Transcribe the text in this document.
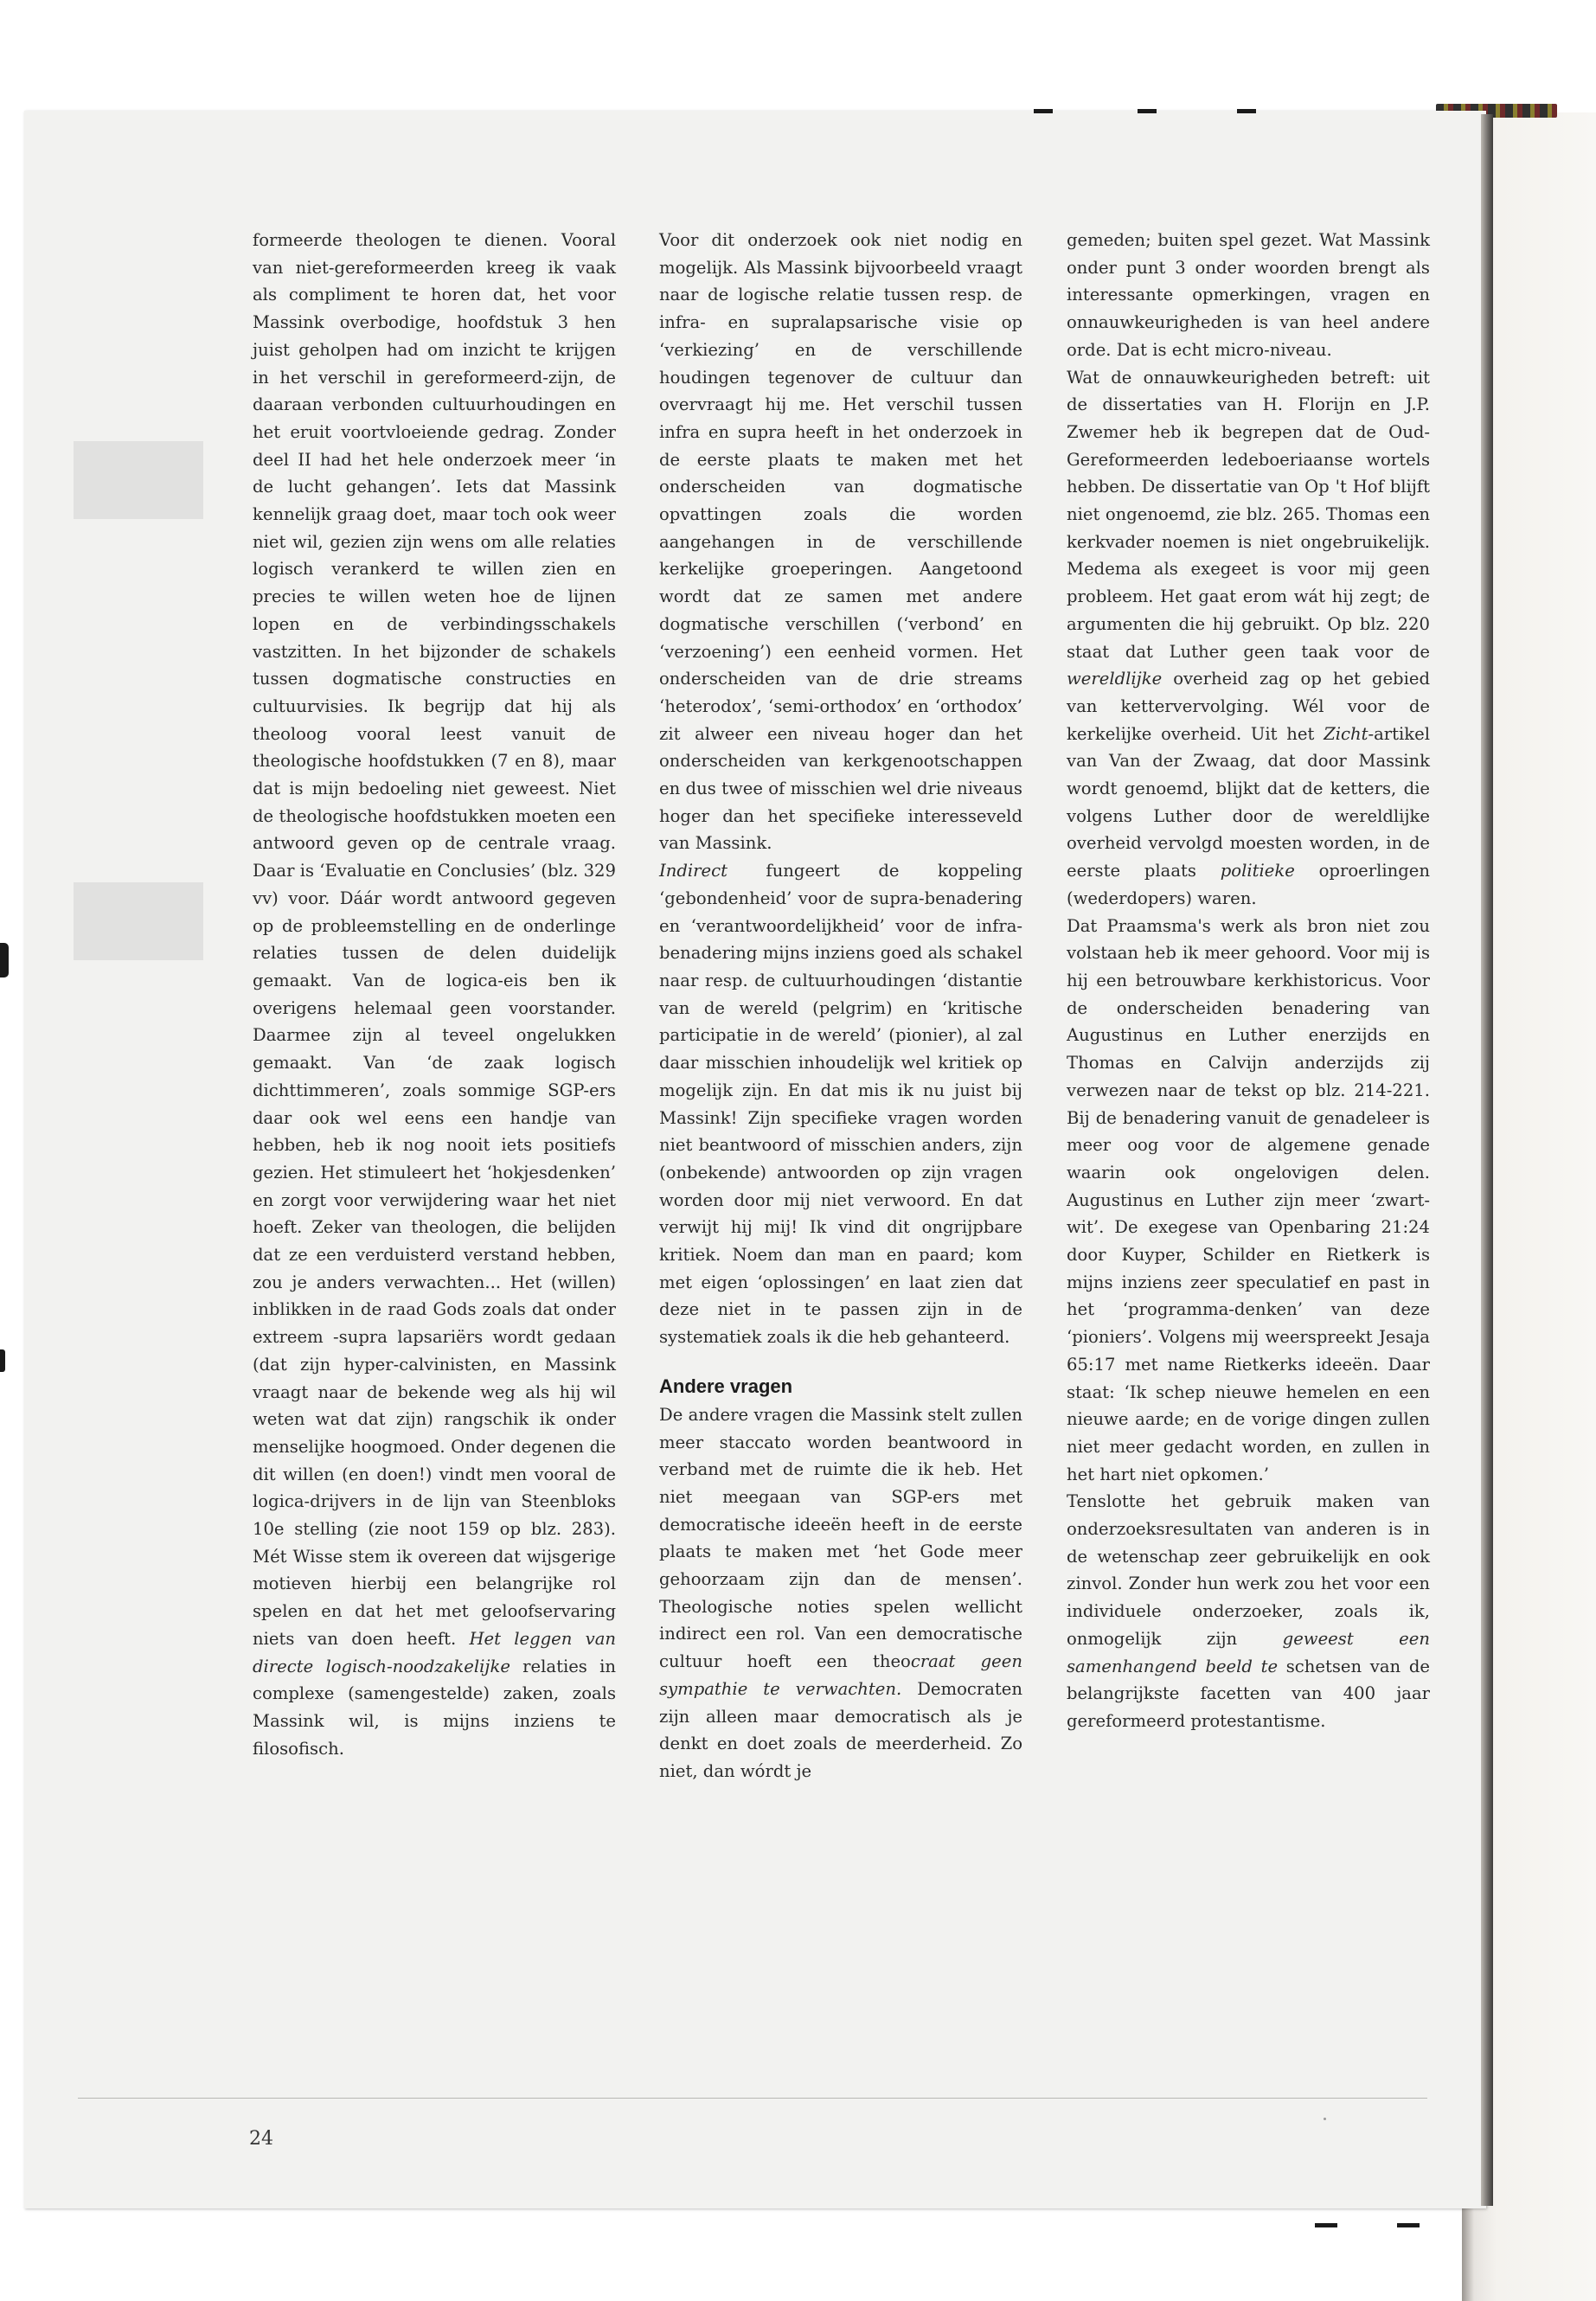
formeerde theologen te dienen. Vooral van niet-gereformeerden kreeg ik vaak als compliment te horen dat, het voor Massink overbodige, hoofdstuk 3 hen juist geholpen had om inzicht te krijgen in het verschil in gereformeerd-zijn, de daaraan verbonden cultuurhoudingen en het eruit voortvloeiende gedrag. Zonder deel II had het hele onderzoek meer ‘in de lucht gehangen’. Iets dat Massink kennelijk graag doet, maar toch ook weer niet wil, gezien zijn wens om alle relaties logisch verankerd te willen zien en precies te willen weten hoe de lijnen lopen en de verbindingsschakels vastzitten. In het bijzonder de schakels tussen dogmatische constructies en cultuurvisies. Ik begrijp dat hij als theoloog vooral leest vanuit de theologische hoofdstukken (7 en 8), maar dat is mijn bedoeling niet geweest. Niet de theologische hoofdstukken moeten een antwoord geven op de centrale vraag. Daar is ‘Evaluatie en Conclusies’ (blz. 329 vv) voor. Dáár wordt antwoord gegeven op de probleemstelling en de onderlinge relaties tussen de delen duidelijk gemaakt. Van de logica-eis ben ik overigens helemaal geen voorstander. Daarmee zijn al teveel ongelukken gemaakt. Van ‘de zaak logisch dichttimmeren’, zoals sommige SGP-ers daar ook wel eens een handje van hebben, heb ik nog nooit iets positiefs gezien. Het stimuleert het ‘hokjesdenken’ en zorgt voor verwijdering waar het niet hoeft. Zeker van theologen, die belijden dat ze een verduisterd verstand hebben, zou je anders verwachten... Het (willen) inblikken in de raad Gods zoals dat onder extreem -supra lapsariërs wordt gedaan (dat zijn hyper-calvinisten, en Massink vraagt naar de bekende weg als hij wil weten wat dat zijn) rangschik ik onder menselijke hoogmoed. Onder degenen die dit willen (en doen!) vindt men vooral de logica-drijvers in de lijn van Steenbloks 10e stelling (zie noot 159 op blz. 283). Mét Wisse stem ik overeen dat wijsgerige motieven hierbij een belangrijke rol spelen en dat het met geloofservaring niets van doen heeft. Het leggen van directe logisch-noodzakelijke relaties in complexe (samengestelde) zaken, zoals Massink wil, is mijns inziens te filosofisch.

Voor dit onderzoek ook niet nodig en mogelijk. Als Massink bijvoorbeeld vraagt naar de logische relatie tussen resp. de infra- en supralapsarische visie op ‘verkiezing’ en de verschillende houdingen tegenover de cultuur dan overvraagt hij me. Het verschil tussen infra en supra heeft in het onderzoek in de eerste plaats te maken met het onderscheiden van dogmatische opvattingen zoals die worden aangehangen in de verschillende kerkelijke groeperingen. Aangetoond wordt dat ze samen met andere dogmatische verschillen (‘verbond’ en ‘verzoening’) een eenheid vormen. Het onderscheiden van de drie streams ‘heterodox’, ‘semi-orthodox’ en ‘orthodox’ zit alweer een niveau hoger dan het onderscheiden van kerkgenootschappen en dus twee of misschien wel drie niveaus hoger dan het specifieke interesseveld van Massink.

Indirect fungeert de koppeling ‘gebondenheid’ voor de supra-benadering en ‘verantwoordelijkheid’ voor de infra-benadering mijns inziens goed als schakel naar resp. de cultuurhoudingen ‘distantie van de wereld (pelgrim) en ‘kritische participatie in de wereld’ (pionier), al zal daar misschien inhoudelijk wel kritiek op mogelijk zijn. En dat mis ik nu juist bij Massink! Zijn specifieke vragen worden niet beantwoord of misschien anders, zijn (onbekende) antwoorden op zijn vragen worden door mij niet verwoord. En dat verwijt hij mij! Ik vind dit ongrijpbare kritiek. Noem dan man en paard; kom met eigen ‘oplossingen’ en laat zien dat deze niet in te passen zijn in de systematiek zoals ik die heb gehanteerd.

Andere vragen

De andere vragen die Massink stelt zullen meer staccato worden beantwoord in verband met de ruimte die ik heb. Het niet meegaan van SGP-ers met democratische ideeën heeft in de eerste plaats te maken met ‘het Gode meer gehoorzaam zijn dan de mensen’. Theologische noties spelen wellicht indirect een rol. Van een democratische cultuur hoeft een theocraat geen sympathie te verwachten. Democraten zijn alleen maar democratisch als je denkt en doet zoals de meerderheid. Zo niet, dan wórdt je

gemeden; buiten spel gezet. Wat Massink onder punt 3 onder woorden brengt als interessante opmerkingen, vragen en onnauwkeurigheden is van heel andere orde. Dat is echt micro-niveau.

Wat de onnauwkeurigheden betreft: uit de dissertaties van H. Florijn en J.P. Zwemer heb ik begrepen dat de Oud-Gereformeerden ledeboeriaanse wortels hebben. De dissertatie van Op 't Hof blijft niet ongenoemd, zie blz. 265. Thomas een kerkvader noemen is niet ongebruikelijk. Medema als exegeet is voor mij geen probleem. Het gaat erom wát hij zegt; de argumenten die hij gebruikt. Op blz. 220 staat dat Luther geen taak voor de wereldlijke overheid zag op het gebied van kettervervolging. Wél voor de kerkelijke overheid. Uit het Zicht-artikel van Van der Zwaag, dat door Massink wordt genoemd, blijkt dat de ketters, die volgens Luther door de wereldlijke overheid vervolgd moesten worden, in de eerste plaats politieke oproerlingen (wederdopers) waren.

Dat Praamsma's werk als bron niet zou volstaan heb ik meer gehoord. Voor mij is hij een betrouwbare kerkhistoricus. Voor de onderscheiden benadering van Augustinus en Luther enerzijds en Thomas en Calvijn anderzijds zij verwezen naar de tekst op blz. 214-221. Bij de benadering vanuit de genadeleer is meer oog voor de algemene genade waarin ook ongelovigen delen. Augustinus en Luther zijn meer ‘zwart-wit’. De exegese van Openbaring 21:24 door Kuyper, Schilder en Rietkerk is mijns inziens zeer speculatief en past in het ‘programma-denken’ van deze ‘pioniers’. Volgens mij weerspreekt Jesaja 65:17 met name Rietkerks ideeën. Daar staat: ‘Ik schep nieuwe hemelen en een nieuwe aarde; en de vorige dingen zullen niet meer gedacht worden, en zullen in het hart niet opkomen.’

Tenslotte het gebruik maken van onderzoeksresultaten van anderen is in de wetenschap zeer gebruikelijk en ook zinvol. Zonder hun werk zou het voor een individuele onderzoeker, zoals ik, onmogelijk zijn geweest een samenhangend beeld te schetsen van de belangrijkste facetten van 400 jaar gereformeerd protestantisme.

24
